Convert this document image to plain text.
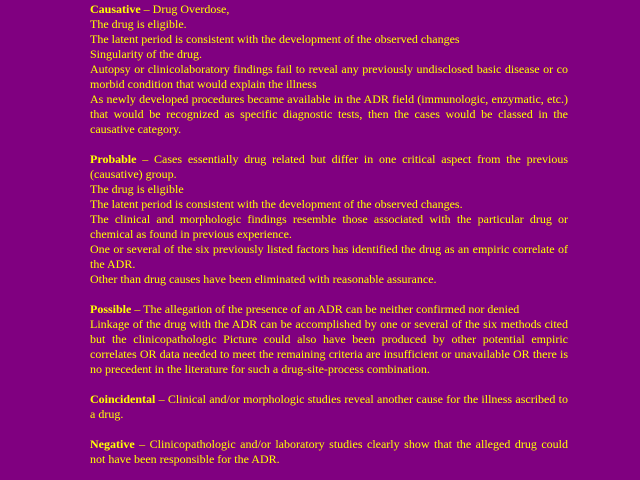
Causative – Drug Overdose,

The drug is eligible.

The latent period is consistent with the development of the observed changes

Singularity of the drug.

Autopsy or clinicolaboratory findings fail to reveal any previously undisclosed basic disease or co morbid condition that would explain the illness

As newly developed procedures became available in the ADR field (immunologic, enzymatic, etc.) that would be recognized as specific diagnostic tests, then the cases would be classed in the causative category.

Probable – Cases essentially drug related but differ in one critical aspect from the previous (causative) group.

The drug is eligible

The latent period is consistent with the development of the observed changes.

The clinical and morphologic findings resemble those associated with the particular drug or chemical as found in previous experience.

One or several of the six previously listed factors has identified the drug as an empiric correlate of the ADR.

Other than drug causes have been eliminated with reasonable assurance.

Possible – The allegation of the presence of an ADR can be neither confirmed nor denied

Linkage of the drug with the ADR can be accomplished by one or several of the six methods cited but the clinicopathologic Picture could also have been produced by other potential empiric correlates OR data needed to meet the remaining criteria are insufficient or unavailable OR there is no precedent in the literature for such a drug-site-process combination.

Coincidental – Clinical and/or morphologic studies reveal another cause for the illness ascribed to a drug.

Negative – Clinicopathologic and/or laboratory studies clearly show that the alleged drug could not have been responsible for the ADR.
